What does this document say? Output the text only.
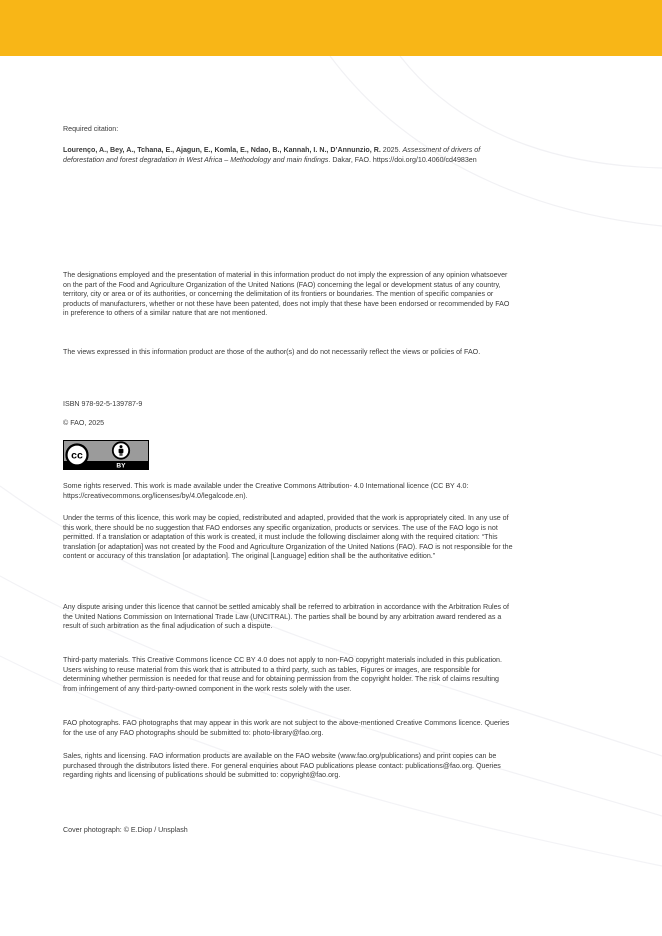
Required citation:

Lourenço, A., Bey, A., Tchana, E., Ajagun, E., Komla, E., Ndao, B., Kannah, I. N., D’Annunzio, R. 2025. Assessment of drivers of deforestation and forest degradation in West Africa – Methodology and main findings. Dakar, FAO. https://doi.org/10.4060/cd4983en

The designations employed and the presentation of material in this information product do not imply the expression of any opinion whatsoever on the part of the Food and Agriculture Organization of the United Nations (FAO) concerning the legal or development status of any country, territory, city or area or of its authorities, or concerning the delimitation of its frontiers or boundaries. The mention of specific companies or products of manufacturers, whether or not these have been patented, does not imply that these have been endorsed or recommended by FAO in preference to others of a similar nature that are not mentioned.

The views expressed in this information product are those of the author(s) and do not necessarily reflect the views or policies of FAO.

ISBN 978-92-5-139787-9

© FAO, 2025

cc
BY

Some rights reserved. This work is made available under the Creative Commons Attribution- 4.0 International licence (CC BY 4.0: https://creativecommons.org/licenses/by/4.0/legalcode.en).

Under the terms of this licence, this work may be copied, redistributed and adapted, provided that the work is appropriately cited. In any use of this work, there should be no suggestion that FAO endorses any specific organization, products or services. The use of the FAO logo is not permitted. If a translation or adaptation of this work is created, it must include the following disclaimer along with the required citation: “This translation [or adaptation] was not created by the Food and Agriculture Organization of the United Nations (FAO). FAO is not responsible for the content or accuracy of this translation [or adaptation]. The original [Language] edition shall be the authoritative edition.”

Any dispute arising under this licence that cannot be settled amicably shall be referred to arbitration in accordance with the Arbitration Rules of the United Nations Commission on International Trade Law (UNCITRAL). The parties shall be bound by any arbitration award rendered as a result of such arbitration as the final adjudication of such a dispute.

Third-party materials. This Creative Commons licence CC BY 4.0 does not apply to non-FAO copyright materials included in this publication. Users wishing to reuse material from this work that is attributed to a third party, such as tables, Figures or images, are responsible for determining whether permission is needed for that reuse and for obtaining permission from the copyright holder. The risk of claims resulting from infringement of any third-party-owned component in the work rests solely with the user.

FAO photographs. FAO photographs that may appear in this work are not subject to the above-mentioned Creative Commons licence. Queries for the use of any FAO photographs should be submitted to: photo-library@fao.org.

Sales, rights and licensing. FAO information products are available on the FAO website (www.fao.org/publications) and print copies can be purchased through the distributors listed there. For general enquiries about FAO publications please contact: publications@fao.org. Queries regarding rights and licensing of publications should be submitted to: copyright@fao.org.

Cover photograph: © E.Diop / Unsplash
